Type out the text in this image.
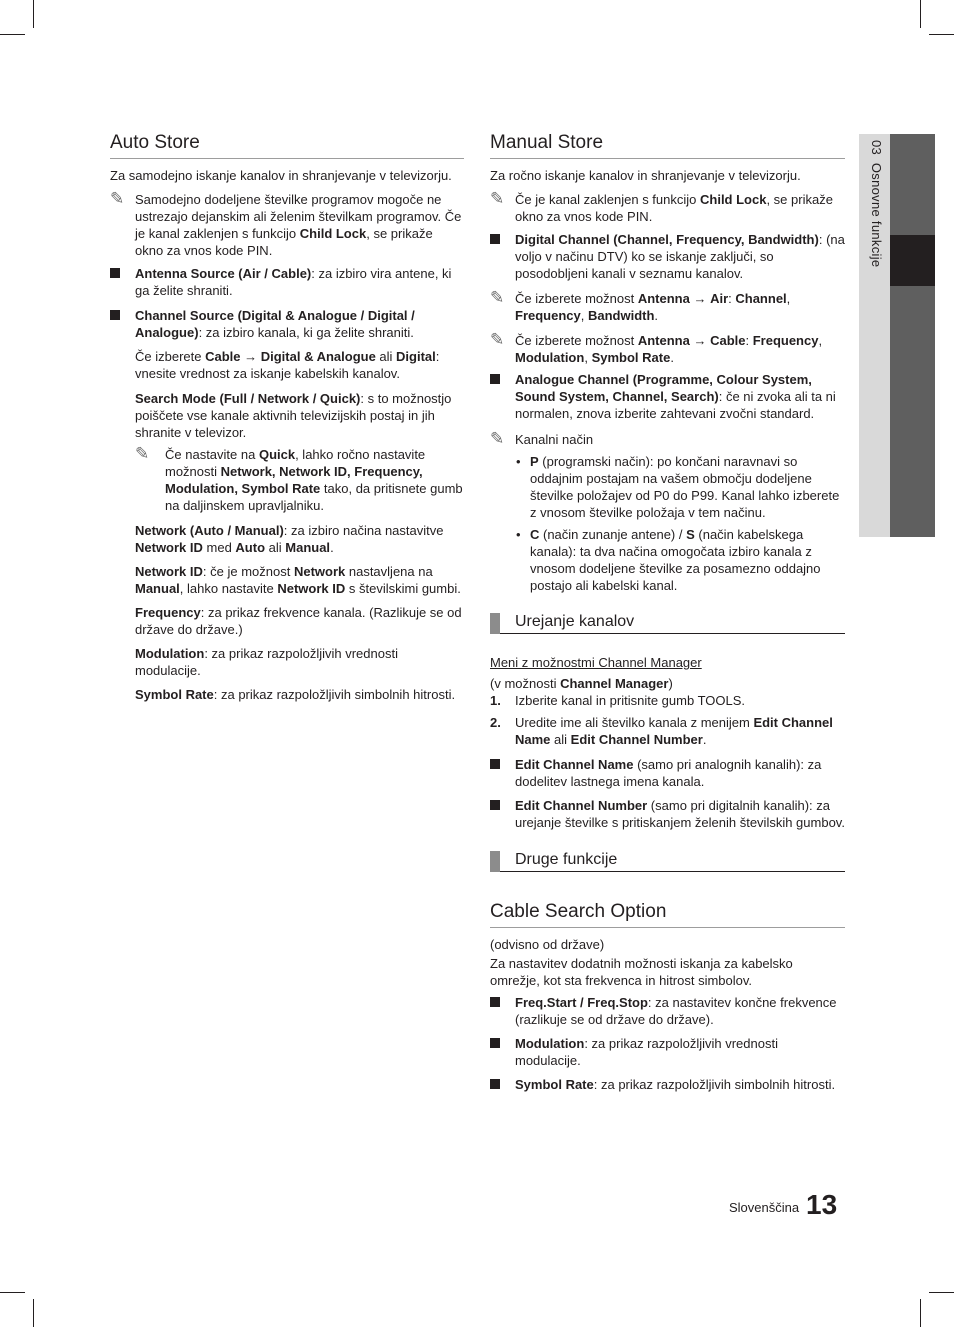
03  Osnovne funkcije
Auto Store

Za samodejno iskanje kanalov in shranjevanje v televizorju.

✎ Samodejno dodeljene številke programov mogoče ne ustrezajo dejanskim ali želenim številkam programov. Če je kanal zaklenjen s funkcijo Child Lock, se prikaže okno za vnos kode PIN.
Antenna Source (Air / Cable): za izbiro vira antene, ki ga želite shraniti.
Channel Source (Digital & Analogue / Digital / Analogue): za izbiro kanala, ki ga želite shraniti.

Če izberete Cable → Digital & Analogue ali Digital: vnesite vrednost za iskanje kabelskih kanalov.

Search Mode (Full / Network / Quick): s to možnostjo poiščete vse kanale aktivnih televizijskih postaj in jih shranite v televizor.

✎ Če nastavite na Quick, lahko ročno nastavite možnosti Network, Network ID, Frequency, Modulation, Symbol Rate tako, da pritisnete gumb na daljinskem upravljalniku.

Network (Auto / Manual): za izbiro načina nastavitve Network ID med Auto ali Manual.

Network ID: če je možnost Network nastavljena na Manual, lahko nastavite Network ID s številskimi gumbi.

Frequency: za prikaz frekvence kanala. (Razlikuje se od države do države.)

Modulation: za prikaz razpoložljivih vrednosti modulacije.

Symbol Rate: za prikaz razpoložljivih simbolnih hitrosti.

Manual Store

Za ročno iskanje kanalov in shranjevanje v televizorju.

✎ Če je kanal zaklenjen s funkcijo Child Lock, se prikaže okno za vnos kode PIN.
Digital Channel (Channel, Frequency, Bandwidth): (na voljo v načinu DTV) ko se iskanje zaključi, so posodobljeni kanali v seznamu kanalov.
✎ Če izberete možnost Antenna → Air: Channel, Frequency, Bandwidth.
✎ Če izberete možnost Antenna → Cable: Frequency, Modulation, Symbol Rate.
Analogue Channel (Programme, Colour System, Sound System, Channel, Search): če ni zvoka ali ta ni normalen, znova izberite zahtevani zvočni standard.
✎ Kanalni način
• P (programski način): po končani naravnavi so oddajnim postajam na vašem območju dodeljene številke položajev od P0 do P99. Kanal lahko izberete z vnosom številke položaja v tem načinu.
• C (način zunanje antene) / S (način kabelskega kanala): ta dva načina omogočata izbiro kanala z vnosom dodeljene številke za posamezno oddajno postajo ali kabelski kanal.
Urejanje kanalov

Meni z možnostmi Channel Manager

(v možnosti Channel Manager)

1. Izberite kanal in pritisnite gumb TOOLS.
2. Uredite ime ali številko kanala z menijem Edit Channel Name ali Edit Channel Number.
Edit Channel Name (samo pri analognih kanalih): za dodelitev lastnega imena kanala.
Edit Channel Number (samo pri digitalnih kanalih): za urejanje številke s pritiskanjem želenih številskih gumbov.
Druge funkcije
Cable Search Option

(odvisno od države)

Za nastavitev dodatnih možnosti iskanja za kabelsko omrežje, kot sta frekvenca in hitrost simbolov.

Freq.Start / Freq.Stop: za nastavitev končne frekvence (razlikuje se od države do države).
Modulation: za prikaz razpoložljivih vrednosti modulacije.
Symbol Rate: za prikaz razpoložljivih simbolnih hitrosti.
Slovenščina 13
